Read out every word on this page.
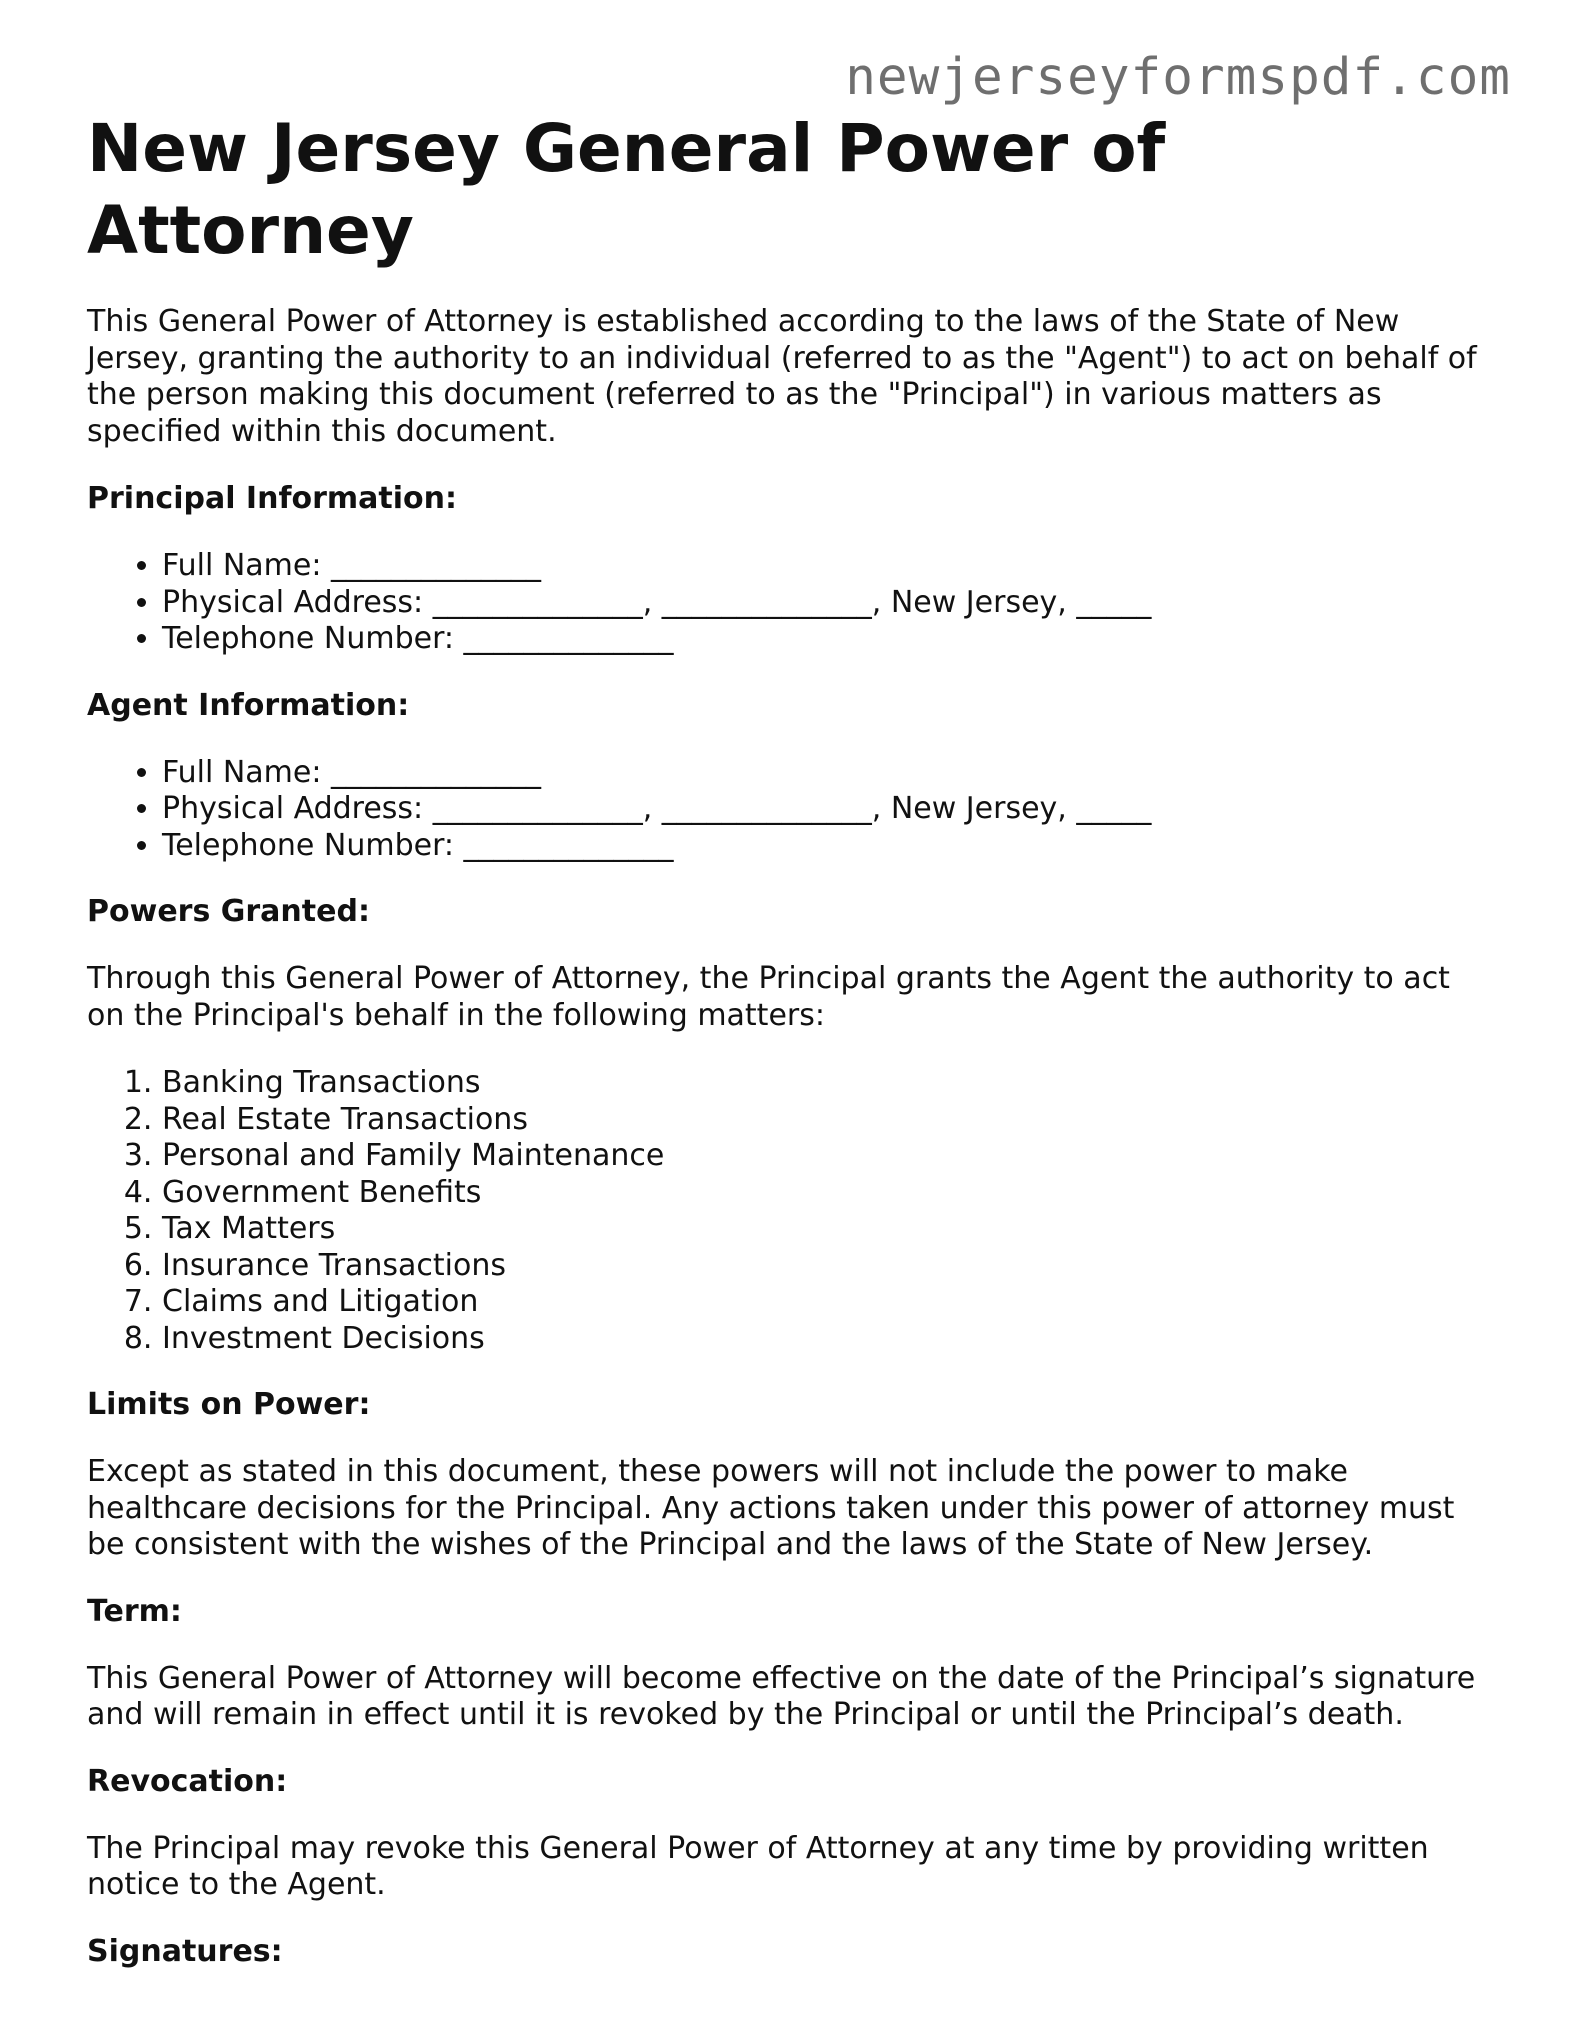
newjerseyformspdf.com
New Jersey General Power of Attorney

This General Power of Attorney is established according to the laws of the State of New Jersey, granting the authority to an individual (referred to as the "Agent") to act on behalf of the person making this document (referred to as the "Principal") in various matters as specified within this document.

Principal Information:
• Full Name: ______________
• Physical Address: ______________, ______________, New Jersey, _____
• Telephone Number: ______________
Agent Information:
• Full Name: ______________
• Physical Address: ______________, ______________, New Jersey, _____
• Telephone Number: ______________
Powers Granted:

Through this General Power of Attorney, the Principal grants the Agent the authority to act on the Principal's behalf in the following matters:

1. Banking Transactions
2. Real Estate Transactions
3. Personal and Family Maintenance
4. Government Benefits
5. Tax Matters
6. Insurance Transactions
7. Claims and Litigation
8. Investment Decisions
Limits on Power:

Except as stated in this document, these powers will not include the power to make healthcare decisions for the Principal. Any actions taken under this power of attorney must be consistent with the wishes of the Principal and the laws of the State of New Jersey.

Term:

This General Power of Attorney will become effective on the date of the Principal’s signature and will remain in effect until it is revoked by the Principal or until the Principal’s death.

Revocation:

The Principal may revoke this General Power of Attorney at any time by providing written notice to the Agent.

Signatures:
